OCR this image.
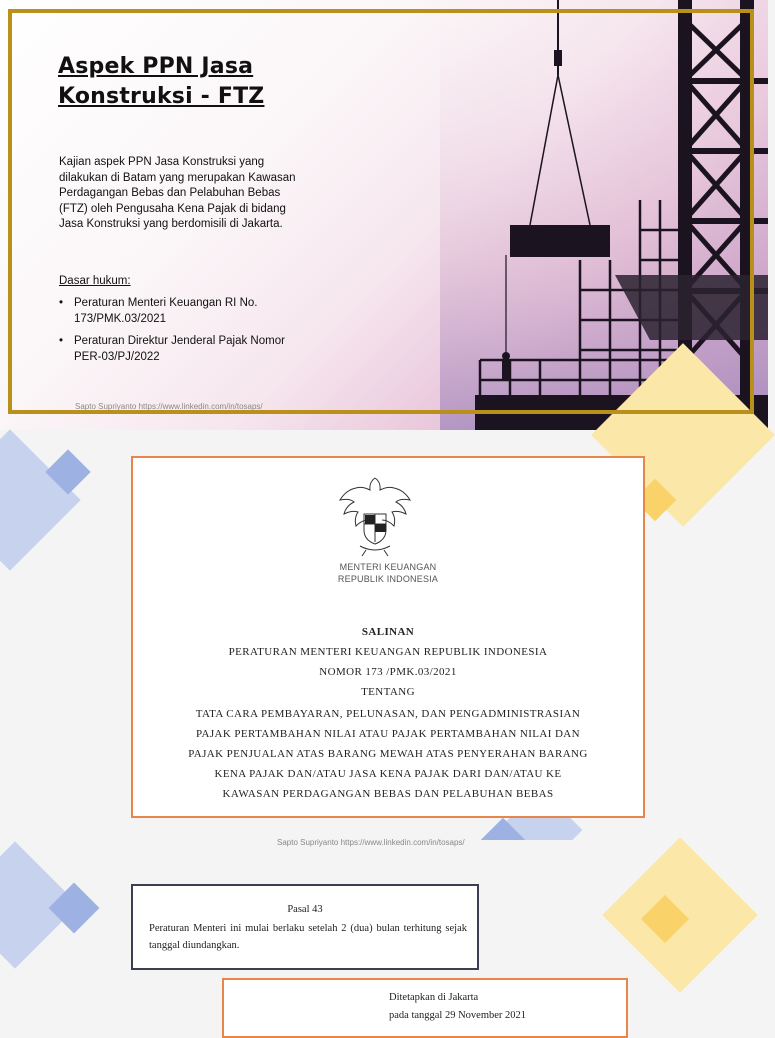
Aspek PPN Jasa
Konstruksi - FTZ
Kajian aspek PPN Jasa Konstruksi yang dilakukan di Batam yang merupakan Kawasan Perdagangan Bebas dan Pelabuhan Bebas (FTZ) oleh Pengusaha Kena Pajak di bidang Jasa Konstruksi yang berdomisili di Jakarta.
Dasar hukum:
• Peraturan Menteri Keuangan RI No. 173/PMK.03/2021
• Peraturan Direktur Jenderal Pajak Nomor PER-03/PJ/2022
Sapto Supriyanto https://www.linkedin.com/in/tosaps/
MENTERI KEUANGAN
REPUBLIK INDONESIA
SALINAN
PERATURAN MENTERI KEUANGAN REPUBLIK INDONESIA
NOMOR 173 /PMK.03/2021
TENTANG
TATA CARA PEMBAYARAN, PELUNASAN, DAN PENGADMINISTRASIAN
PAJAK PERTAMBAHAN NILAI ATAU PAJAK PERTAMBAHAN NILAI DAN
PAJAK PENJUALAN ATAS BARANG MEWAH ATAS PENYERAHAN BARANG
KENA PAJAK DAN/ATAU JASA KENA PAJAK DARI DAN/ATAU KE
KAWASAN PERDAGANGAN BEBAS DAN PELABUHAN BEBAS
Sapto Supriyanto https://www.linkedin.com/in/tosaps/
Pasal 43
Peraturan Menteri ini mulai berlaku setelah 2 (dua) bulan terhitung sejak tanggal diundangkan.
Ditetapkan di Jakarta
pada tanggal 29 November 2021
